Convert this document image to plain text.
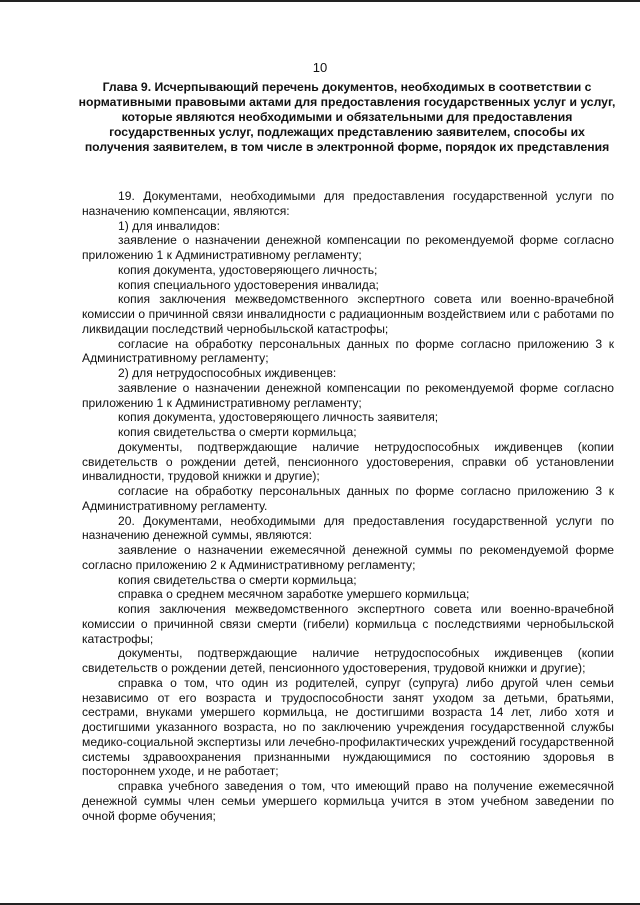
10
Глава 9. Исчерпывающий перечень документов, необходимых в соответствии с нормативными правовыми актами для предоставления государственных услуг и услуг, которые являются необходимыми и обязательными для предоставления государственных услуг, подлежащих представлению заявителем, способы их получения заявителем, в том числе в электронной форме, порядок их представления

19. Документами, необходимыми для предоставления государственной услуги по назначению компенсации, являются:

1) для инвалидов:

заявление о назначении денежной компенсации по рекомендуемой форме согласно приложению 1 к Административному регламенту;

копия документа, удостоверяющего личность;

копия специального удостоверения инвалида;

копия заключения межведомственного экспертного совета или военно-врачебной комиссии о причинной связи инвалидности с радиационным воздействием или с работами по ликвидации последствий чернобыльской катастрофы;

согласие на обработку персональных данных по форме согласно приложению 3 к Административному регламенту;

2) для нетрудоспособных иждивенцев:

заявление о назначении денежной компенсации по рекомендуемой форме согласно приложению 1 к Административному регламенту;

копия документа, удостоверяющего личность заявителя;

копия свидетельства о смерти кормильца;

документы, подтверждающие наличие нетрудоспособных иждивенцев (копии свидетельств о рождении детей, пенсионного удостоверения, справки об установлении инвалидности, трудовой книжки и другие);

согласие на обработку персональных данных по форме согласно приложению 3 к Административному регламенту.

20. Документами, необходимыми для предоставления государственной услуги по назначению денежной суммы, являются:

заявление о назначении ежемесячной денежной суммы по рекомендуемой форме согласно приложению 2 к Административному регламенту;

копия свидетельства о смерти кормильца;

справка о среднем месячном заработке умершего кормильца;

копия заключения межведомственного экспертного совета или военно-врачебной комиссии о причинной связи смерти (гибели) кормильца с последствиями чернобыльской катастрофы;

документы, подтверждающие наличие нетрудоспособных иждивенцев (копии свидетельств о рождении детей, пенсионного удостоверения, трудовой книжки и другие);

справка о том, что один из родителей, супруг (супруга) либо другой член семьи независимо от его возраста и трудоспособности занят уходом за детьми, братьями, сестрами, внуками умершего кормильца, не достигшими возраста 14 лет, либо хотя и достигшими указанного возраста, но по заключению учреждения государственной службы медико-социальной экспертизы или лечебно-профилактических учреждений государственной системы здравоохранения признанными нуждающимися по состоянию здоровья в постороннем уходе, и не работает;

справка учебного заведения о том, что имеющий право на получение ежемесячной денежной суммы член семьи умершего кормильца учится в этом учебном заведении по очной форме обучения;
